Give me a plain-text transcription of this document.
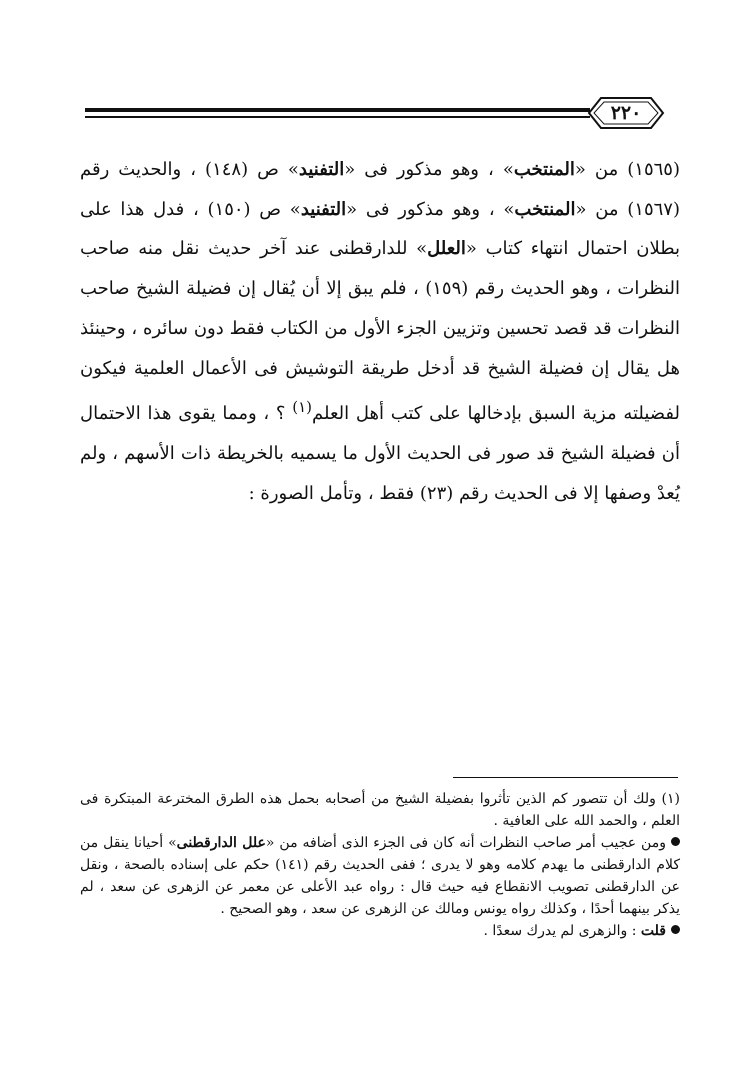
٢٢٠

(١٥٦٥) من «المنتخب» ، وهو مذكور فى «التفنيد» ص (١٤٨) ، والحديث رقم (١٥٦٧) من «المنتخب» ، وهو مذكور فى «التفنيد» ص (١٥٠) ، فدل هذا على بطلان احتمال انتهاء كتاب «العلل» للدارقطنى عند آخر حديث نقل منه صاحب النظرات ، وهو الحديث رقم (١٥٩) ، فلم يبق إلا أن يُقال إن فضيلة الشيخ صاحب النظرات قد قصد تحسين وتزيين الجزء الأول من الكتاب فقط دون سائره ، وحينئذ هل يقال إن فضيلة الشيخ قد أدخل طريقة التوشيش فى الأعمال العلمية فيكون لفضيلته مزية السبق بإدخالها على كتب أهل العلم$^{(١)}$ ؟ ، ومما يقوى هذا الاحتمال أن فضيلة الشيخ قد صور فى الحديث الأول ما يسميه بالخريطة ذات الأسهم ، ولم يُعدْ وصفها إلا فى الحديث رقم (٢٣) فقط ، وتأمل الصورة :

(١) ولك أن تتصور كم الذين تأثروا بفضيلة الشيخ من أصحابه بحمل هذه الطرق المخترعة المبتكرة فى العلم ، والحمد الله على العافية .

ومن عجيب أمر صاحب النظرات أنه كان فى الجزء الذى أضافه من «علل الدارقطنى» أحيانا ينقل من كلام الدارقطنى ما يهدم كلامه وهو لا يدرى ؛ ففى الحديث رقم (١٤١) حكم على إسناده بالصحة ، ونقل عن الدارقطنى تصويب الانقطاع فيه حيث قال : رواه عبد الأعلى عن معمر عن الزهرى عن سعد ، لم يذكر بينهما أحدًا ، وكذلك رواه يونس ومالك عن الزهرى عن سعد ، وهو الصحيح .

قلت : والزهرى لم يدرك سعدًا .
